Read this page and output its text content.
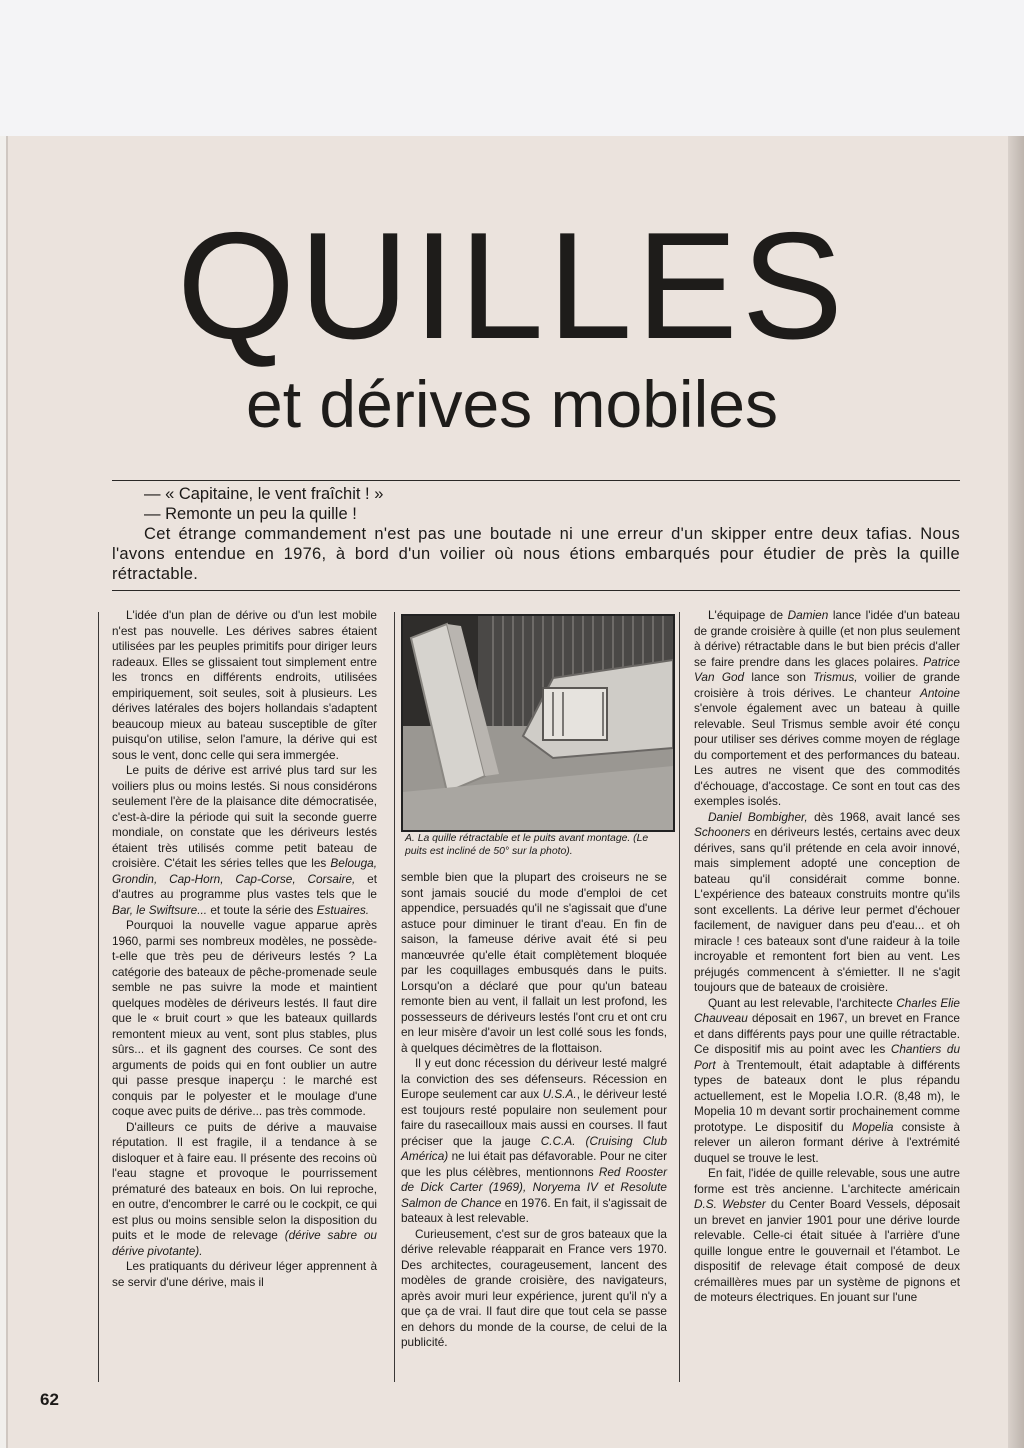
QUILLES
et dérives mobiles

— « Capitaine, le vent fraîchit ! »

— Remonte un peu la quille !

Cet étrange commandement n'est pas une boutade ni une erreur d'un skipper entre deux tafias. Nous l'avons entendue en 1976, à bord d'un voilier où nous étions embarqués pour étudier de près la quille rétractable.

L'idée d'un plan de dérive ou d'un lest mobile n'est pas nouvelle. Les dérives sabres étaient utilisées par les peuples primitifs pour diriger leurs radeaux. Elles se glissaient tout simplement entre les troncs en différents endroits, utilisées empiriquement, soit seules, soit à plusieurs. Les dérives latérales des bojers hollandais s'adaptent beaucoup mieux au bateau susceptible de gîter puisqu'on utilise, selon l'amure, la dérive qui est sous le vent, donc celle qui sera immergée.

Le puits de dérive est arrivé plus tard sur les voiliers plus ou moins lestés. Si nous considérons seulement l'ère de la plaisance dite démocratisée, c'est-à-dire la période qui suit la seconde guerre mondiale, on constate que les dériveurs lestés étaient très utilisés comme petit bateau de croisière. C'était les séries telles que les Belouga, Grondin, Cap-Horn, Cap-Corse, Corsaire, et d'autres au programme plus vastes tels que le Bar, le Swiftsure... et toute la série des Estuaires.

Pourquoi la nouvelle vague apparue après 1960, parmi ses nombreux modèles, ne possède-t-elle que très peu de dériveurs lestés ? La catégorie des bateaux de pêche-promenade seule semble ne pas suivre la mode et maintient quelques modèles de dériveurs lestés. Il faut dire que le « bruit court » que les bateaux quillards remontent mieux au vent, sont plus stables, plus sûrs... et ils gagnent des courses. Ce sont des arguments de poids qui en font oublier un autre qui passe presque inaperçu : le marché est conquis par le polyester et le moulage d'une coque avec puits de dérive... pas très commode.

D'ailleurs ce puits de dérive a mauvaise réputation. Il est fragile, il a tendance à se disloquer et à faire eau. Il présente des recoins où l'eau stagne et provoque le pourrissement prématuré des bateaux en bois. On lui reproche, en outre, d'encombrer le carré ou le cockpit, ce qui est plus ou moins sensible selon la disposition du puits et le mode de relevage (dérive sabre ou dérive pivotante).

Les pratiquants du dériveur léger apprennent à se servir d'une dérive, mais il

A. La quille rétractable et le puits avant montage. (Le puits est incliné de 50° sur la photo).

semble bien que la plupart des croiseurs ne se sont jamais soucié du mode d'emploi de cet appendice, persuadés qu'il ne s'agissait que d'une astuce pour diminuer le tirant d'eau. En fin de saison, la fameuse dérive avait été si peu manœuvrée qu'elle était complètement bloquée par les coquillages embusqués dans le puits. Lorsqu'on a déclaré que pour qu'un bateau remonte bien au vent, il fallait un lest profond, les possesseurs de dériveurs lestés l'ont cru et ont cru en leur misère d'avoir un lest collé sous les fonds, à quelques décimètres de la flottaison.

Il y eut donc récession du dériveur lesté malgré la conviction des ses défenseurs. Récession en Europe seulement car aux U.S.A., le dériveur lesté est toujours resté populaire non seulement pour faire du rasecailloux mais aussi en courses. Il faut préciser que la jauge C.C.A. (Cruising Club América) ne lui était pas défavorable. Pour ne citer que les plus célèbres, mentionnons Red Rooster de Dick Carter (1969), Noryema IV et Resolute Salmon de Chance en 1976. En fait, il s'agissait de bateaux à lest relevable.

Curieusement, c'est sur de gros bateaux que la dérive relevable réapparait en France vers 1970. Des architectes, courageusement, lancent des modèles de grande croisière, des navigateurs, après avoir muri leur expérience, jurent qu'il n'y a que ça de vrai. Il faut dire que tout cela se passe en dehors du monde de la course, de celui de la publicité.

L'équipage de Damien lance l'idée d'un bateau de grande croisière à quille (et non plus seulement à dérive) rétractable dans le but bien précis d'aller se faire prendre dans les glaces polaires. Patrice Van God lance son Trismus, voilier de grande croisière à trois dérives. Le chanteur Antoine s'envole également avec un bateau à quille relevable. Seul Trismus semble avoir été conçu pour utiliser ses dérives comme moyen de réglage du comportement et des performances du bateau. Les autres ne visent que des commodités d'échouage, d'accostage. Ce sont en tout cas des exemples isolés.

Daniel Bombigher, dès 1968, avait lancé ses Schooners en dériveurs lestés, certains avec deux dérives, sans qu'il prétende en cela avoir innové, mais simplement adopté une conception de bateau qu'il considérait comme bonne. L'expérience des bateaux construits montre qu'ils sont excellents. La dérive leur permet d'échouer facilement, de naviguer dans peu d'eau... et oh miracle ! ces bateaux sont d'une raideur à la toile incroyable et remontent fort bien au vent. Les préjugés commencent à s'émietter. Il ne s'agit toujours que de bateaux de croisière.

Quant au lest relevable, l'architecte Charles Elie Chauveau déposait en 1967, un brevet en France et dans différents pays pour une quille rétractable. Ce dispositif mis au point avec les Chantiers du Port à Trentemoult, était adaptable à différents types de bateaux dont le plus répandu actuellement, est le Mopelia I.O.R. (8,48 m), le Mopelia 10 m devant sortir prochainement comme prototype. Le dispositif du Mopelia consiste à relever un aileron formant dérive à l'extrémité duquel se trouve le lest.

En fait, l'idée de quille relevable, sous une autre forme est très ancienne. L'architecte américain D.S. Webster du Center Board Vessels, déposait un brevet en janvier 1901 pour une dérive lourde relevable. Celle-ci était située à l'arrière d'une quille longue entre le gouvernail et l'étambot. Le dispositif de relevage était composé de deux crémaillères mues par un système de pignons et de moteurs électriques. En jouant sur l'une

62
